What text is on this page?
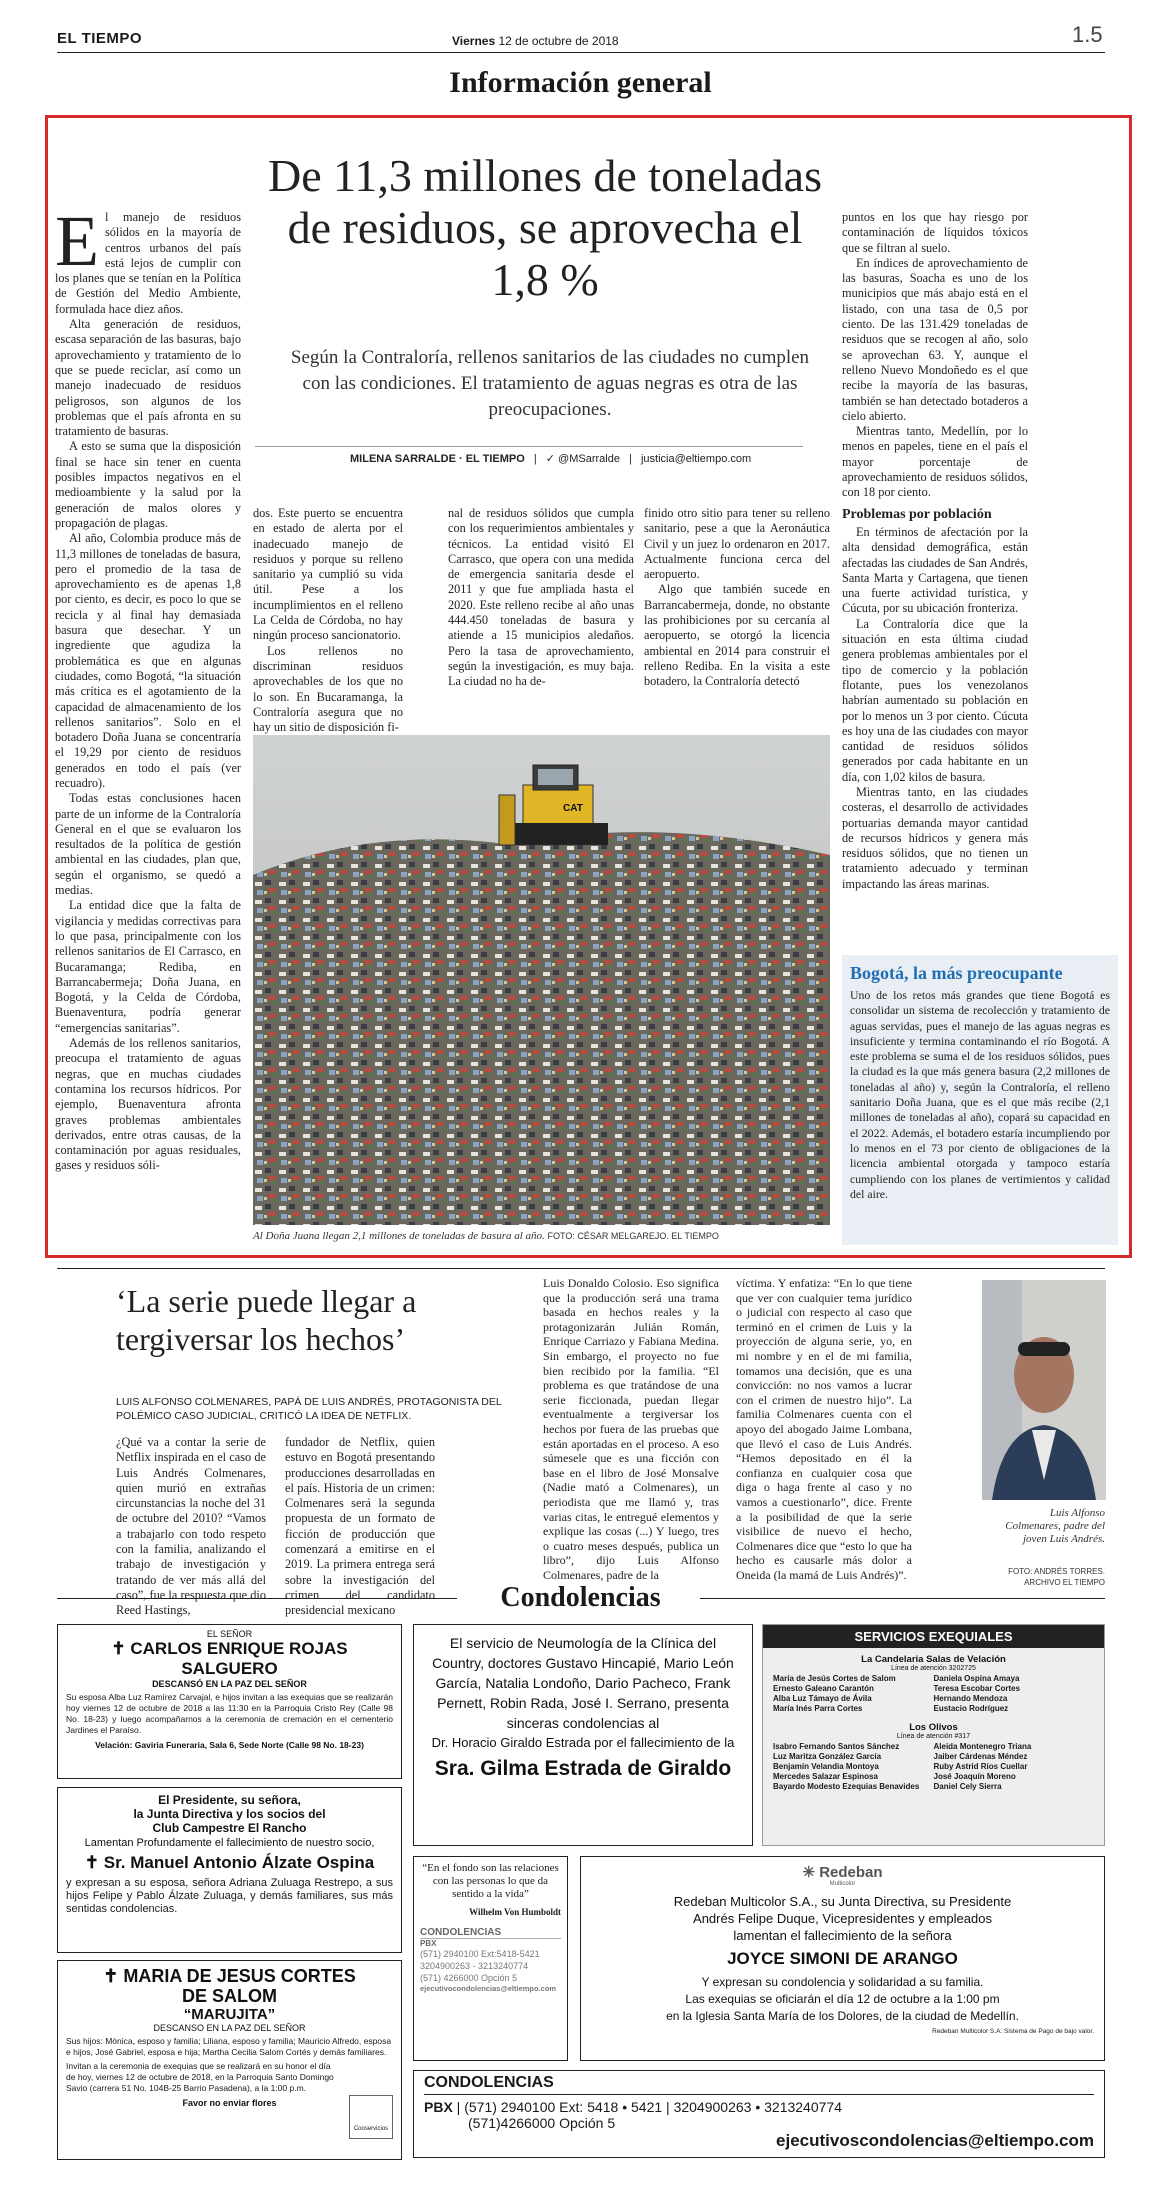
EL TIEMPO	Viernes 12 de octubre de 2018	1.5
Información general
De 11,3 millones de toneladas de residuos, se aprovecha el 1,8 %
Según la Contraloría, rellenos sanitarios de las ciudades no cumplen con las condiciones. El tratamiento de aguas negras es otra de las preocupaciones.
MILENA SARRALDE · EL TIEMPO | ✓ @MSarralde | justicia@eltiempo.com
E l manejo de residuos sólidos en la mayoría de centros urbanos del país está lejos de cumplir con los planes que se tenían en la Política de Gestión del Medio Ambiente, formulada hace diez años.

Alta generación de residuos, escasa separación de las basuras, bajo aprovechamiento y tratamiento de lo que se puede reciclar, así como un manejo inadecuado de residuos peligrosos, son algunos de los problemas que el país afronta en su tratamiento de basuras.

A esto se suma que la disposición final se hace sin tener en cuenta posibles impactos negativos en el medioambiente y la salud por la generación de malos olores y propagación de plagas.

Al año, Colombia produce más de 11,3 millones de toneladas de basura, pero el promedio de la tasa de aprovechamiento es de apenas 1,8 por ciento, es decir, es poco lo que se recicla y al final hay demasiada basura que desechar. Y un ingrediente que agudiza la problemática es que en algunas ciudades, como Bogotá, “la situación más crítica es el agotamiento de la capacidad de almacenamiento de los rellenos sanitarios”. Solo en el botadero Doña Juana se concentraría el 19,29 por ciento de residuos generados en todo el país (ver recuadro).

Todas estas conclusiones hacen parte de un informe de la Contraloría General en el que se evaluaron los resultados de la política de gestión ambiental en las ciudades, plan que, según el organismo, se quedó a medias.

La entidad dice que la falta de vigilancia y medidas correctivas para lo que pasa, principalmente con los rellenos sanitarios de El Carrasco, en Bucaramanga; Rediba, en Barrancabermeja; Doña Juana, en Bogotá, y la Celda de Córdoba, Buenaventura, podría generar “emergencias sanitarias”.

Además de los rellenos sanitarios, preocupa el tratamiento de aguas negras, que en muchas ciudades contamina los recursos hídricos. Por ejemplo, Buenaventura afronta graves problemas ambientales derivados, entre otras causas, de la contaminación por aguas residuales, gases y residuos sóli-

dos. Este puerto se encuentra en estado de alerta por el inadecuado manejo de residuos y porque su relleno sanitario ya cumplió su vida útil. Pese a los incumplimientos en el relleno La Celda de Córdoba, no hay ningún proceso sancionatorio.

Los rellenos no discriminan residuos aprovechables de los que no lo son. En Bucaramanga, la Contraloría asegura que no hay un sitio de disposición fi-

nal de residuos sólidos que cumpla con los requerimientos ambientales y técnicos. La entidad visitó El Carrasco, que opera con una medida de emergencia sanitaria desde el 2011 y que fue ampliada hasta el 2020. Este relleno recibe al año unas 444.450 toneladas de basura y atiende a 15 municipios aledaños. Pero la tasa de aprovechamiento, según la investigación, es muy baja. La ciudad no ha de-

finido otro sitio para tener su relleno sanitario, pese a que la Aeronáutica Civil y un juez lo ordenaron en 2017. Actualmente funciona cerca del aeropuerto.

Algo que también sucede en Barrancabermeja, donde, no obstante las prohibiciones por su cercanía al aeropuerto, se otorgó la licencia ambiental en 2014 para construir el relleno Rediba. En la visita a este botadero, la Contraloría detectó

CAT
Al Doña Juana llegan 2,1 millones de toneladas de basura al año. FOTO: CÉSAR MELGAREJO. EL TIEMPO

puntos en los que hay riesgo por contaminación de líquidos tóxicos que se filtran al suelo.

En índices de aprovechamiento de las basuras, Soacha es uno de los municipios que más abajo está en el listado, con una tasa de 0,5 por ciento. De las 131.429 toneladas de residuos que se recogen al año, solo se aprovechan 63. Y, aunque el relleno Nuevo Mondoñedo es el que recibe la mayoría de las basuras, también se han detectado botaderos a cielo abierto.

Mientras tanto, Medellín, por lo menos en papeles, tiene en el país el mayor porcentaje de aprovechamiento de residuos sólidos, con 18 por ciento.

Problemas por población

En términos de afectación por la alta densidad demográfica, están afectadas las ciudades de San Andrés, Santa Marta y Cartagena, que tienen una fuerte actividad turística, y Cúcuta, por su ubicación fronteriza.

La Contraloría dice que la situación en esta última ciudad genera problemas ambientales por el tipo de comercio y la población flotante, pues los venezolanos habrían aumentado su población en por lo menos un 3 por ciento. Cúcuta es hoy una de las ciudades con mayor cantidad de residuos sólidos generados por cada habitante en un día, con 1,02 kilos de basura.

Mientras tanto, en las ciudades costeras, el desarrollo de actividades portuarias demanda mayor cantidad de recursos hídricos y genera más residuos sólidos, que no tienen un tratamiento adecuado y terminan impactando las áreas marinas.

Bogotá, la más preocupante
Uno de los retos más grandes que tiene Bogotá es consolidar un sistema de recolección y tratamiento de aguas servidas, pues el manejo de las aguas negras es insuficiente y termina contaminando el río Bogotá. A este problema se suma el de los residuos sólidos, pues la ciudad es la que más genera basura (2,2 millones de toneladas al año) y, según la Contraloría, el relleno sanitario Doña Juana, que es el que más recibe (2,1 millones de toneladas al año), copará su capacidad en el 2022. Además, el botadero estaría incumpliendo por lo menos en el 73 por ciento de obligaciones de la licencia ambiental otorgada y tampoco estaría cumpliendo con los planes de vertimientos y calidad del aire.
‘La serie puede llegar a tergiversar los hechos’
LUIS ALFONSO COLMENARES, PAPÁ DE LUIS ANDRÉS, PROTAGONISTA DEL POLÉMICO CASO JUDICIAL, CRITICÓ LA IDEA DE NETFLIX.

¿Qué va a contar la serie de Netflix inspirada en el caso de Luis Andrés Colmenares, quien murió en extrañas circunstancias la noche del 31 de octubre del 2010? “Vamos a trabajarlo con todo respeto con la familia, analizando el trabajo de investigación y tratando de ver más allá del caso”, fue la respuesta que dio Reed Hastings,

fundador de Netflix, quien estuvo en Bogotá presentando producciones desarrolladas en el país. Historia de un crimen: Colmenares será la segunda propuesta de un formato de ficción de producción que comenzará a emitirse en el 2019. La primera entrega será sobre la investigación del crimen del candidato presidencial mexicano

Luis Donaldo Colosio. Eso significa que la producción será una trama basada en hechos reales y la protagonizarán Julián Román, Enrique Carriazo y Fabiana Medina. Sin embargo, el proyecto no fue bien recibido por la familia. “El problema es que tratándose de una serie ficcionada, puedan llegar eventualmente a tergiversar los hechos por fuera de las pruebas que están aportadas en el proceso. A eso súmesele que es una ficción con base en el libro de José Monsalve (Nadie mató a Colmenares), un periodista que me llamó y, tras varias citas, le entregué elementos y explique las cosas (...) Y luego, tres o cuatro meses después, publica un libro”, dijo Luis Alfonso Colmenares, padre de la

víctima. Y enfatiza: “En lo que tiene que ver con cualquier tema jurídico o judicial con respecto al caso que terminó en el crimen de Luis y la proyección de alguna serie, yo, en mi nombre y en el de mi familia, tomamos una decisión, que es una convicción: no nos vamos a lucrar con el crimen de nuestro hijo”. La familia Colmenares cuenta con el apoyo del abogado Jaime Lombana, que llevó el caso de Luis Andrés. “Hemos depositado en él la confianza en cualquier cosa que diga o haga frente al caso y no vamos a cuestionarlo”, dice. Frente a la posibilidad de que la serie visibilice de nuevo el hecho, Colmenares dice que “esto lo que ha hecho es causarle más dolor a Oneida (la mamá de Luis Andrés)”.

Luis Alfonso Colmenares, padre del joven Luis Andrés.
FOTO: ANDRÉS TORRES. ARCHIVO EL TIEMPO
Condolencias
EL SEÑOR
✝ CARLOS ENRIQUE ROJAS SALGUERO
DESCANSÓ EN LA PAZ DEL SEÑOR
Su esposa Alba Luz Ramírez Carvajal, e hijos invitan a las exequias que se realizarán hoy viernes 12 de octubre de 2018 a las 11:30 en la Parroquia Cristo Rey (Calle 98 No. 18-23) y luego acompañarnos a la ceremonia de cremación en el cementerio Jardines el Paraíso.
Velación: Gaviria Funeraria, Sala 6, Sede Norte (Calle 98 No. 18-23)
El Presidente, su señora,
la Junta Directiva y los socios del
Club Campestre El Rancho
Lamentan Profundamente el fallecimiento de nuestro socio,
✝ Sr. Manuel Antonio Álzate Ospina
y expresan a su esposa, señora Adriana Zuluaga Restrepo, a sus hijos Felipe y Pablo Álzate Zuluaga, y demás familiares, sus más sentidas condolencias.
✝ MARIA DE JESUS CORTES
DE SALOM
“MARUJITA”
DESCANSO EN LA PAZ DEL SEÑOR
Sus hijos: Mónica, esposo y familia; Liliana, esposo y familia; Mauricio Alfredo, esposa e hijos, José Gabriel, esposa e hija; Martha Cecilia Salom Cortés y demás familiares.
Invitan a la ceremonia de exequias que se realizará en su honor el día de hoy, viernes 12 de octubre de 2018, en la Parroquia Santo Domingo Savio (carrera 51 No. 104B-25 Barrio Pasadena), a la 1:00 p.m.
Favor no enviar flores
Cooservicios
El servicio de Neumología de la Clínica del Country, doctores Gustavo Hincapié, Mario León García, Natalia Londoño, Dario Pacheco, Frank Pernett, Robin Rada, José I. Serrano, presenta sinceras condolencias al
Dr. Horacio Giraldo Estrada por el fallecimiento de la
Sra. Gilma Estrada de Giraldo
SERVICIOS EXEQUIALES
La Candelaria Salas de Velación
Línea de atención 3202725
María de Jesús Cortes de Salom
Ernesto Galeano Carantón
Alba Luz Támayo de Ávila
María Inés Parra Cortes
Daniela Ospina Amaya
Teresa Escobar Cortes
Hernando Mendoza
Eustacio Rodríguez
Los Olivos
Línea de atención #317
Isabro Fernando Santos Sánchez
Luz Maritza González García
Benjamín Velandia Montoya
Mercedes Salazar Espinosa
Bayardo Modesto Ezequias Benavides
Aleida Montenegro Triana
Jaiber Cárdenas Méndez
Ruby Astrid Ríos Cuellar
José Joaquín Moreno
Daniel Cely Sierra
“En el fondo son las relaciones con las personas lo que da sentido a la vida”
Wilhelm Von Humboldt
CONDOLENCIAS
PBX
(571) 2940100 Ext:5418-5421
3204900263 - 3213240774
(571) 4266000 Opción 5
ejecutivocondolencias@eltiempo.com
✳ Redeban
Multicolor
Redeban Multicolor S.A., su Junta Directiva, su Presidente
Andrés Felipe Duque, Vicepresidentes y empleados
lamentan el fallecimiento de la señora
JOYCE SIMONI DE ARANGO
Y expresan su condolencia y solidaridad a su familia.
Las exequias se oficiarán el día 12 de octubre a la 1:00 pm
en la Iglesia Santa María de los Dolores, de la ciudad de Medellín.
Redeban Multicolor S.A. Sistema de Pago de bajo valor.
CONDOLENCIAS
PBX | (571) 2940100 Ext: 5418 • 5421 | 3204900263 • 3213240774
(571)4266000 Opción 5
ejecutivoscondolencias@eltiempo.com
